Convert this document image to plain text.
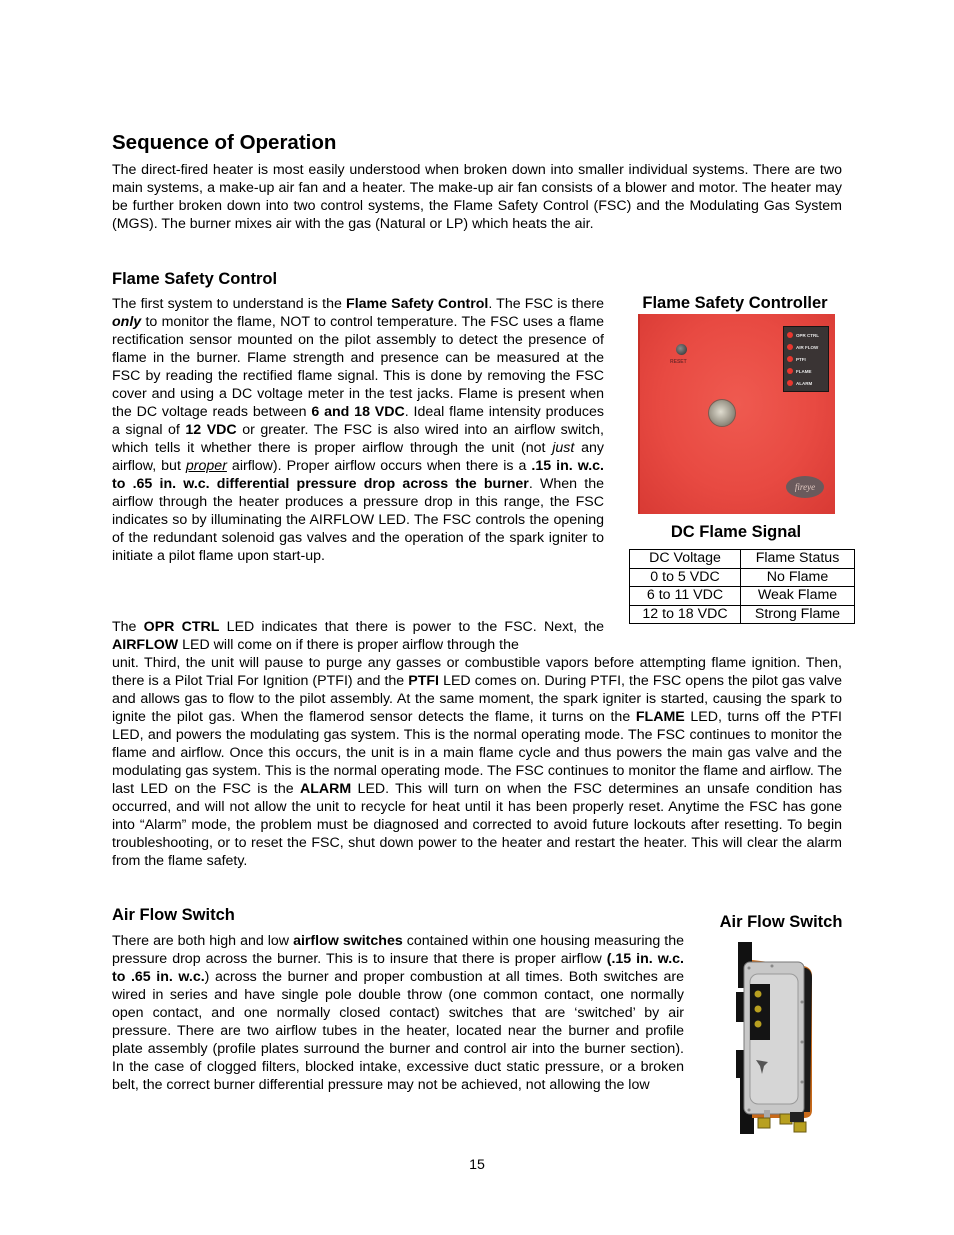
Sequence of Operation
The direct-fired heater is most easily understood when broken down into smaller individual systems. There are two main systems, a make-up air fan and a heater. The make-up air fan consists of a blower and motor. The heater may be further broken down into two control systems, the Flame Safety Control (FSC) and the Modulating Gas System (MGS). The burner mixes air with the gas (Natural or LP) which heats the air.
Flame Safety Control
The first system to understand is the Flame Safety Control. The FSC is there only to monitor the flame, NOT to control temperature. The FSC uses a flame rectification sensor mounted on the pilot assembly to detect the presence of flame in the burner. Flame strength and presence can be measured at the FSC by reading the rectified flame signal. This is done by removing the FSC cover and using a DC voltage meter in the test jacks. Flame is present when the DC voltage reads between 6 and 18 VDC. Ideal flame intensity produces a signal of 12 VDC or greater. The FSC is also wired into an airflow switch, which tells it whether there is proper airflow through the unit (not just any airflow, but proper airflow). Proper airflow occurs when there is a .15 in. w.c. to .65 in. w.c. differential pressure drop across the burner. When the airflow through the heater produces a pressure drop in this range, the FSC indicates so by illuminating the AIRFLOW LED. The FSC controls the opening of the redundant solenoid gas valves and the operation of the spark igniter to initiate a pilot flame upon start-up.
The OPR CTRL LED indicates that there is power to the FSC. Next, the AIRFLOW LED will come on if there is proper airflow through the
unit. Third, the unit will pause to purge any gasses or combustible vapors before attempting flame ignition. Then, there is a Pilot Trial For Ignition (PTFI) and the PTFI LED comes on. During PTFI, the FSC opens the pilot gas valve and allows gas to flow to the pilot assembly. At the same moment, the spark igniter is started, causing the spark to ignite the pilot gas. When the flamerod sensor detects the flame, it turns on the FLAME LED, turns off the PTFI LED, and powers the modulating gas system. This is the normal operating mode. The FSC continues to monitor the flame and airflow. Once this occurs, the unit is in a main flame cycle and thus powers the main gas valve and the modulating gas system. This is the normal operating mode. The FSC continues to monitor the flame and airflow. The last LED on the FSC is the ALARM LED. This will turn on when the FSC determines an unsafe condition has occurred, and will not allow the unit to recycle for heat until it has been properly reset. Anytime the FSC has gone into “Alarm” mode, the problem must be diagnosed and corrected to avoid future lockouts after resetting. To begin troubleshooting, or to reset the FSC, shut down power to the heater and restart the heater. This will clear the alarm from the flame safety.
Flame Safety Controller
RESET
OPR CTRL
AIR FLOW
PTFI
FLAME
ALARM
fireye
DC Flame Signal
DC Voltage	Flame Status
0 to 5 VDC	No Flame
6 to 11 VDC	Weak Flame
12 to 18 VDC	Strong Flame
Air Flow Switch
There are both high and low airflow switches contained within one housing measuring the pressure drop across the burner. This is to insure that there is proper airflow (.15 in. w.c. to .65 in. w.c.) across the burner and proper combustion at all times. Both switches are wired in series and have single pole double throw (one common contact, one normally open contact, and one normally closed contact) switches that are ‘switched’ by air pressure. There are two airflow tubes in the heater, located near the burner and profile plate assembly (profile plates surround the burner and control air into the burner section). In the case of clogged filters, blocked intake, excessive duct static pressure, or a broken belt, the correct burner differential pressure may not be achieved, not allowing the low
Air Flow Switch
15
